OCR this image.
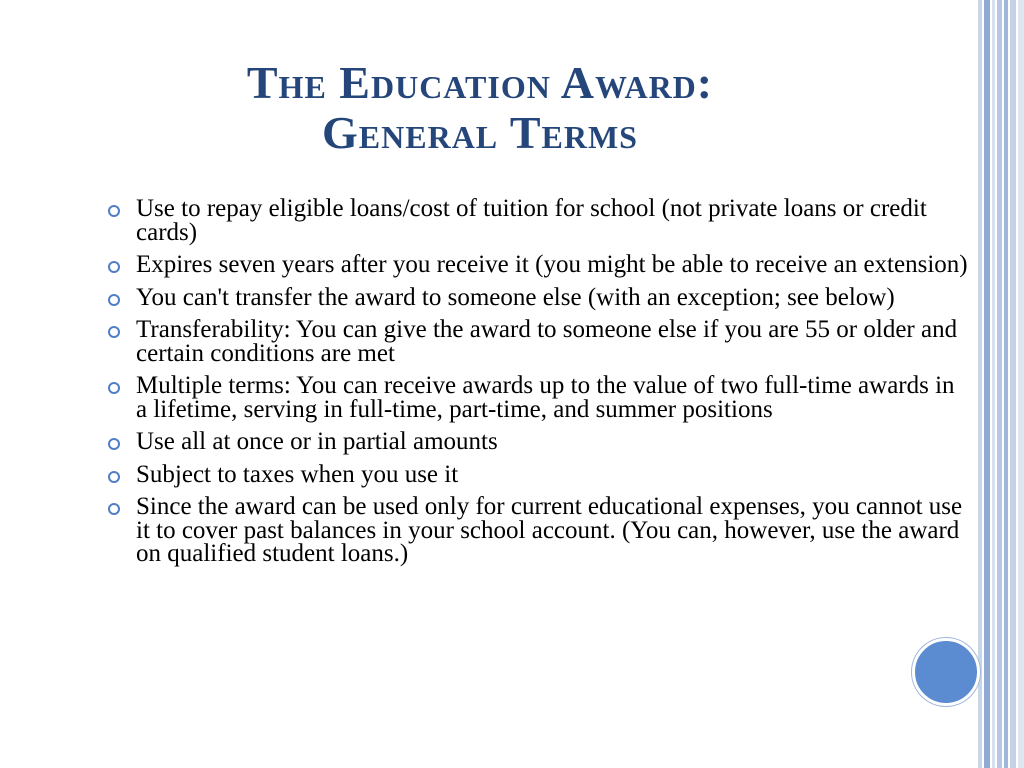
The Education Award:
General Terms
Use to repay eligible loans/cost of tuition for school (not private loans or credit cards)
Expires seven years after you receive it (you might be able to receive an extension)
You can't transfer the award to someone else (with an exception; see below)
Transferability: You can give the award to someone else if you are 55 or older and certain conditions are met
Multiple terms: You can receive awards up to the value of two full-time awards in a lifetime, serving in full-time, part-time, and summer positions
Use all at once or in partial amounts
Subject to taxes when you use it
Since the award can be used only for current educational expenses, you cannot use it to cover past balances in your school account. (You can, however, use the award on qualified student loans.)
